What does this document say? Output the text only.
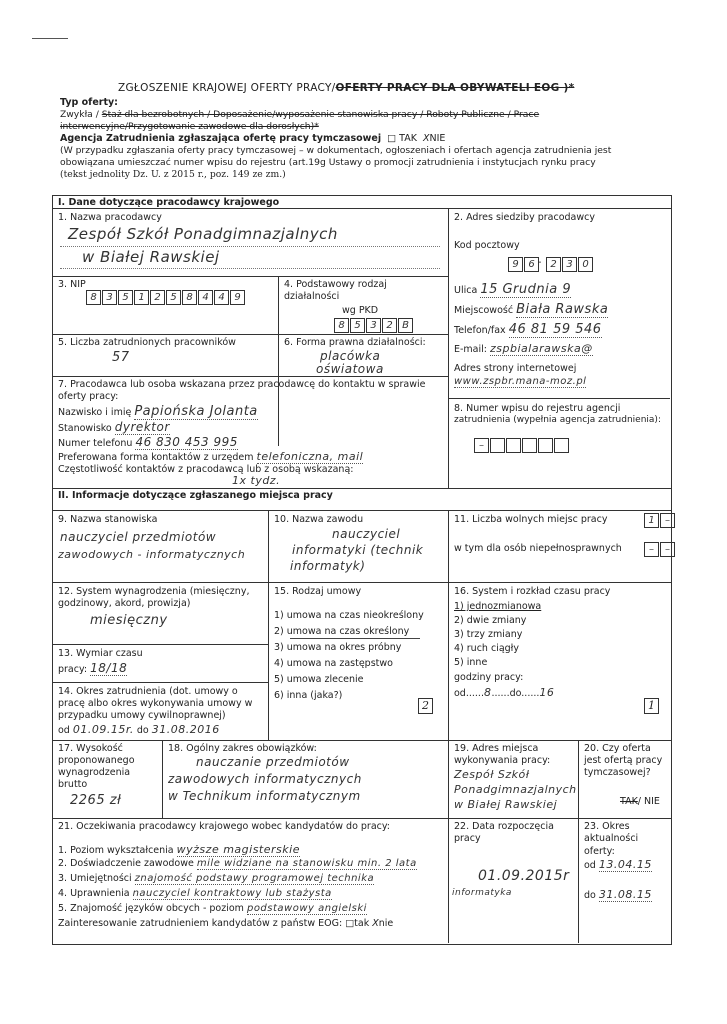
ZGŁOSZENIE KRAJOWEJ OFERTY PRACY/OFERTY PRACY DLA OBYWATELI EOG )*
Typ oferty:
Zwykła / Staż dla bezrobotnych / Doposażenie/wyposażenie stanowiska pracy / Roboty Publiczne / Prace
interwencyjne/Przygotowanie zawodowe dla dorosłych)*
Agencja Zatrudnienia zgłaszająca ofertę pracy tymczasowej □ TAK XNIE
(W przypadku zgłaszania oferty pracy tymczasowej – w dokumentach, ogłoszeniach i ofertach agencja zatrudnienia jest
obowiązana umieszczać numer wpisu do rejestru (art.19g Ustawy o promocji zatrudnienia i instytucjach rynku pracy
(tekst jednolity Dz. U. z 2015 r., poz. 149 ze zm.)
I. Dane dotyczące pracodawcy krajowego
1. Nazwa pracodawcy
Zespół Szkół Ponadgimnazjalnych
w Białej Rawskiej
2. Adres siedziby pracodawcy
Kod pocztowy
9 6 - 2 3 0
3. NIP
8 3 5 1 2 5 8 4 4 9
4. Podstawowy rodzaj
działalności
wg PKD
8 5 3 2 B
Ulica 15 Grudnia 9
Miejscowość Biała Rawska
Telefon/fax 46 81 59 546
E-mail: zspbialarawska@
Adres strony internetowej
www.zspbr.mana-moz.pl
5. Liczba zatrudnionych pracowników
57
6. Forma prawna działalności:
placówka
oświatowa
7. Pracodawca lub osoba wskazana przez pracodawcę do kontaktu w sprawie
oferty pracy:
Nazwisko i imię Papiońska Jolanta
Stanowisko dyrektor
Numer telefonu 46 830 453 995
Preferowana forma kontaktów z urzędem telefoniczna, mail
Częstotliwość kontaktów z pracodawcą lub z osobą wskazaną:
1x tydz.
8. Numer wpisu do rejestru agencji
zatrudnienia (wypełnia agencja zatrudnienia):
–
II. Informacje dotyczące zgłaszanego miejsca pracy
9. Nazwa stanowiska
nauczyciel przedmiotów
zawodowych - informatycznych
10. Nazwa zawodu
nauczyciel
informatyki (technik
informatyk)
11. Liczba wolnych miejsc pracy	1	–
w tym dla osób niepełnosprawnych	–	–
12. System wynagrodzenia (miesięczny,
godzinowy, akord, prowizja)
miesięczny
13. Wymiar czasu
pracy: 18/18
14. Okres zatrudnienia (dot. umowy o
pracę albo okres wykonywania umowy w
przypadku umowy cywilnoprawnej)
od 01.09.15r. do 31.08.2016
15. Rodzaj umowy
1) umowa na czas nieokreślony
2) umowa na czas określony
3) umowa na okres próbny
4) umowa na zastępstwo
5) umowa zlecenie
6) inna (jaka?)
2
16. System i rozkład czasu pracy
1) jednozmianowa
2) dwie zmiany
3) trzy zmiany
4) ruch ciągły
5) inne
godziny pracy:
od......8......do......16
1
17. Wysokość
proponowanego
wynagrodzenia
brutto
2265 zł
18. Ogólny zakres obowiązków:
nauczanie przedmiotów
zawodowych informatycznych
w Technikum informatycznym
19. Adres miejsca
wykonywania pracy:
Zespół Szkół
Ponadgimnazjalnych
w Białej Rawskiej
20. Czy oferta
jest ofertą pracy
tymczasowej?
TAK/ NIE
21. Oczekiwania pracodawcy krajowego wobec kandydatów do pracy:
1. Poziom wykształcenia wyższe magisterskie
2. Doświadczenie zawodowe mile widziane na stanowisku min. 2 lata
3. Umiejętności znajomość podstawy programowej technika
4. Uprawnienia nauczyciel kontraktowy lub stażysta
5. Znajomość języków obcych - poziom podstawowy angielski
Zainteresowanie zatrudnieniem kandydatów z państw EOG: □tak Xnie
22. Data rozpoczęcia
pracy
01.09.2015r
informatyka
23. Okres
aktualności
oferty:
od 13.04.15
do 31.08.15
